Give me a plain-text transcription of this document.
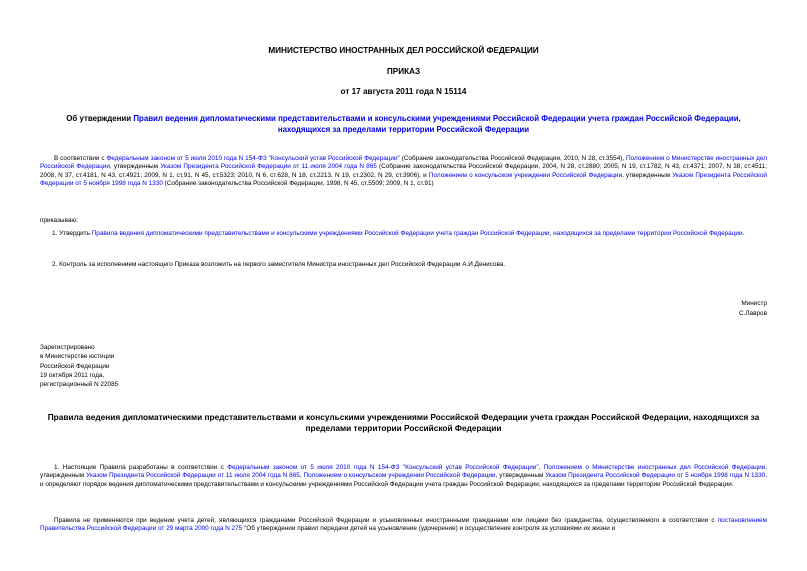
МИНИСТЕРСТВО ИНОСТРАННЫХ ДЕЛ РОССИЙСКОЙ ФЕДЕРАЦИИ
ПРИКАЗ
от 17 августа 2011 года N 15114
Об утверждении Правил ведения дипломатическими представительствами и консульскими учреждениями Российской Федерации учета граждан Российской Федерации, находящихся за пределами территории Российской Федерации
В соответствии с Федеральным законом от 5 июля 2010 года N 154-ФЗ "Консульский устав Российской Федерации" (Собрание законодательства Российской Федерации, 2010, N 28, ст.3554), Положением о Министерстве иностранных дел Российской Федерации, утвержденным Указом Президента Российской Федерации от 11 июля 2004 года N 865 (Собрание законодательства Российской Федерации, 2004, N 28, ст.2880; 2005, N 19, ст.1782, N 43, ст.4371; 2007, N 38, ст.4511; 2008, N 37, ст.4181, N 43, ст.4921; 2009, N 1, ст.91, N 45, ст.5323; 2010, N 6, ст.628, N 18, ст.2213, N 19, ст.2302, N 29, ст.3906), и Положением о консульском учреждении Российской Федерации, утвержденным Указом Президента Российской Федерации от 5 ноября 1998 года N 1330 (Собрание законодательства Российской Федерации, 1998, N 45, ст.5509; 2009, N 1, ст.91)
приказываю:
1. Утвердить Правила ведения дипломатическими представительствами и консульскими учреждениями Российской Федерации учета граждан Российской Федерации, находящихся за пределами территории Российской Федерации.
2. Контроль за исполнением настоящего Приказа возложить на первого заместителя Министра иностранных дел Российской Федерации А.И.Денисова.
Министр
С.Лавров
Зарегистрировано
в Министерстве юстиции
Российской Федерации
19 октября 2011 года,
регистрационный N 22085
Правила ведения дипломатическими представительствами и консульскими учреждениями Российской Федерации учета граждан Российской Федерации, находящихся за пределами территории Российской Федерации
1. Настоящие Правила разработаны в соответствии с Федеральным законом от 5 июля 2010 года N 154-ФЗ "Консульский устав Российской Федерации", Положением о Министерстве иностранных дел Российской Федерации, утвержденным Указом Президента Российской Федерации от 11 июля 2004 года N 865, Положением о консульском учреждении Российской Федерации, утвержденным Указом Президента Российской Федерации от 5 ноября 1998 года N 1330, и определяют порядок ведения дипломатическими представительствами и консульскими учреждениями Российской Федерации учета граждан Российской Федерации, находящихся за пределами территории Российской Федерации.
Правила не применяются при ведении учета детей, являющихся гражданами Российской Федерации и усыновленных иностранными гражданами или лицами без гражданства, осуществляемого в соответствии с постановлением Правительства Российской Федерации от 29 марта 2000 года N 275 "Об утверждении правил передачи детей на усыновление (удочерение) и осуществления контроля за условиями их жизни и
